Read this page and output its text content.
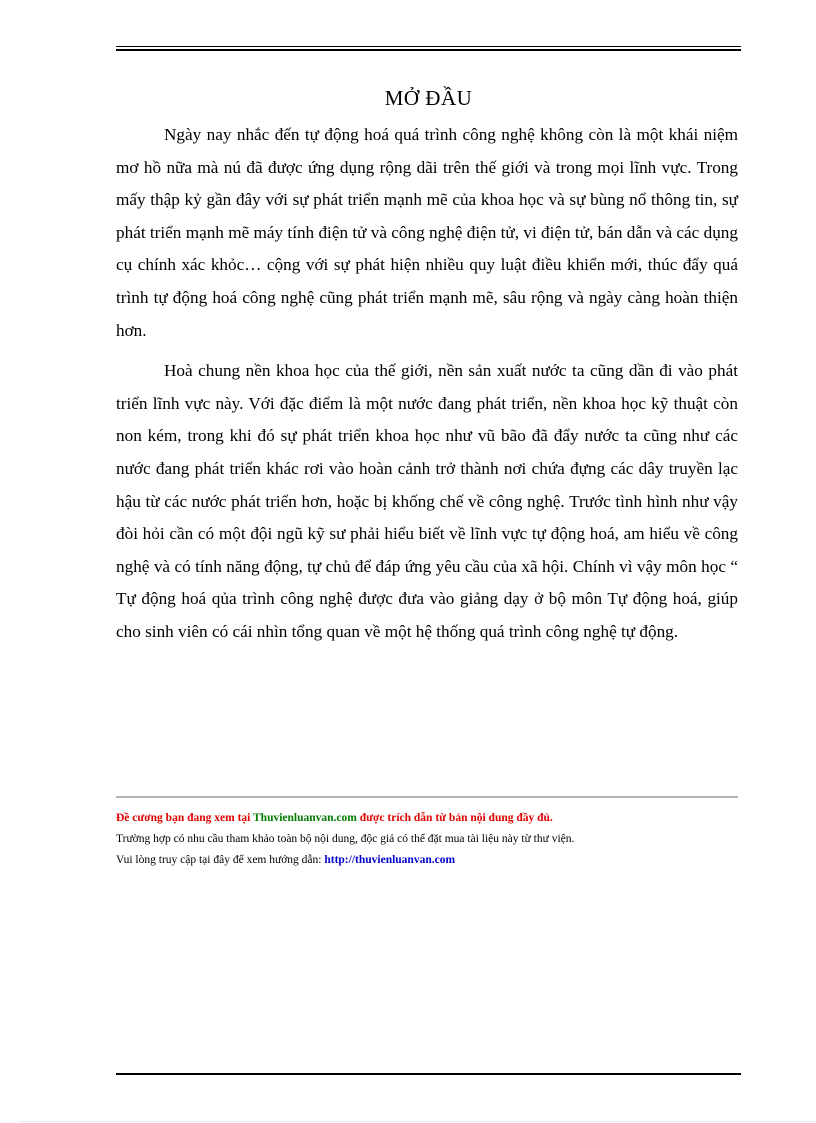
MỞ ĐẦU

Ngày nay nhắc đến tự động hoá quá trình công nghệ không còn là một khái niệm mơ hồ nữa mà nú đã được ứng dụng rộng dãi trên thế giới và trong mọi lĩnh vực. Trong mấy thập kỷ gần đây với sự phát triển mạnh mẽ của khoa học và sự bùng nổ thông tin, sự phát triển mạnh mẽ máy tính điện tử và công nghệ điện tử, vi điện tử, bán dẫn và các dụng cụ chính xác khỏc… cộng với sự phát hiện nhiều quy luật điều khiển mới, thúc đẩy quá trình tự động hoá công nghệ cũng phát triển mạnh mẽ, sâu rộng và ngày càng hoàn thiện hơn.

Hoà chung nền khoa học của thế giới, nền sản xuất nước ta cũng dần đi vào phát triển lĩnh vực này. Với đặc điểm là một nước đang phát triển, nền khoa học kỹ thuật còn non kém, trong khi đó sự phát triển khoa học như vũ bão đã đẩy nước ta cũng như các nước đang phát triển khác rơi vào hoàn cảnh trở thành nơi chứa đựng các dây truyền lạc hậu từ các nước phát triển hơn, hoặc bị khống chế về công nghệ. Trước tình hình như vậy đòi hỏi cần có một đội ngũ kỹ sư phải hiểu biết về lĩnh vực tự động hoá, am hiểu về công nghệ và có tính năng động, tự chủ để đáp ứng yêu cầu của xã hội. Chính vì vậy môn học “ Tự động hoá qủa trình công nghệ được đưa vào giảng dạy ở bộ môn Tự động hoá, giúp cho sinh viên có cái nhìn tổng quan về một hệ thống quá trình công nghệ tự động.

Đề cương bạn đang xem tại Thuvienluanvan.com được trích dẫn từ bản nội dung đầy đủ.
Trường hợp có nhu cầu tham khảo toàn bộ nội dung, độc giả có thể đặt mua tài liệu này từ thư viện.
Vui lòng truy cập tại đây để xem hướng dẫn: http://thuvienluanvan.com
